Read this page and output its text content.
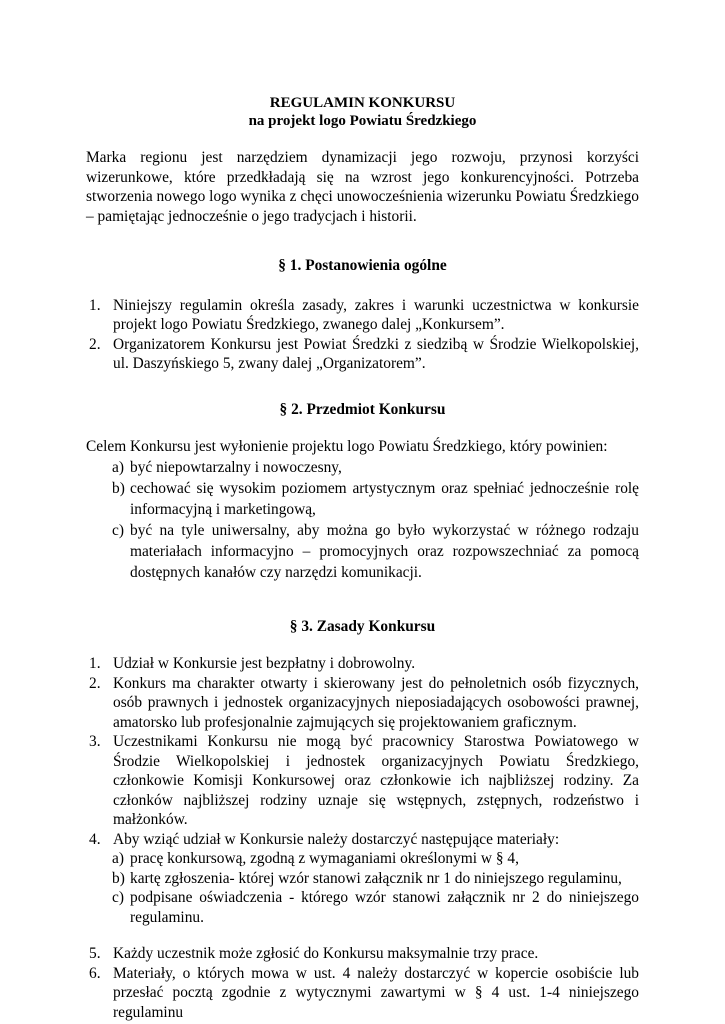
REGULAMIN KONKURSU
na projekt logo Powiatu Średzkiego

Marka regionu jest narzędziem dynamizacji jego rozwoju, przynosi korzyści wizerunkowe, które przedkładają się na wzrost jego konkurencyjności. Potrzeba stworzenia nowego logo wynika z chęci unowocześnienia wizerunku Powiatu Średzkiego – pamiętając jednocześnie o jego tradycjach i historii.

§ 1. Postanowienia ogólne
1. Niniejszy regulamin określa zasady, zakres i warunki uczestnictwa w konkursie projekt logo Powiatu Średzkiego, zwanego dalej „Konkursem”.
2. Organizatorem Konkursu jest Powiat Średzki z siedzibą w Środzie Wielkopolskiej, ul. Daszyńskiego 5, zwany dalej „Organizatorem”.
§ 2. Przedmiot Konkursu
Celem Konkursu jest wyłonienie projektu logo Powiatu Średzkiego, który powinien:
a) być niepowtarzalny i nowoczesny,
b) cechować się wysokim poziomem artystycznym oraz spełniać jednocześnie rolę informacyjną i marketingową,
c) być na tyle uniwersalny, aby można go było wykorzystać w różnego rodzaju materiałach informacyjno – promocyjnych oraz rozpowszechniać za pomocą dostępnych kanałów czy narzędzi komunikacji.
§ 3. Zasady Konkursu
1. Udział w Konkursie jest bezpłatny i dobrowolny.
2. Konkurs ma charakter otwarty i skierowany jest do pełnoletnich osób fizycznych, osób prawnych i jednostek organizacyjnych nieposiadających osobowości prawnej, amatorsko lub profesjonalnie zajmujących się projektowaniem graficznym.
3. Uczestnikami Konkursu nie mogą być pracownicy Starostwa Powiatowego w Środzie Wielkopolskiej i jednostek organizacyjnych Powiatu Średzkiego, członkowie Komisji Konkursowej oraz członkowie ich najbliższej rodziny. Za członków najbliższej rodziny uznaje się wstępnych, zstępnych, rodzeństwo i małżonków.
4. Aby wziąć udział w Konkursie należy dostarczyć następujące materiały:
a) pracę konkursową, zgodną z wymaganiami określonymi w § 4,
b) kartę zgłoszenia- której wzór stanowi załącznik nr 1 do niniejszego regulaminu,
c) podpisane oświadczenia - którego wzór stanowi załącznik nr 2 do niniejszego regulaminu.
5. Każdy uczestnik może zgłosić do Konkursu maksymalnie trzy prace.
6. Materiały, o których mowa w ust. 4 należy dostarczyć w kopercie osobiście lub przesłać pocztą zgodnie z wytycznymi zawartymi w § 4 ust. 1-4 niniejszego regulaminu
